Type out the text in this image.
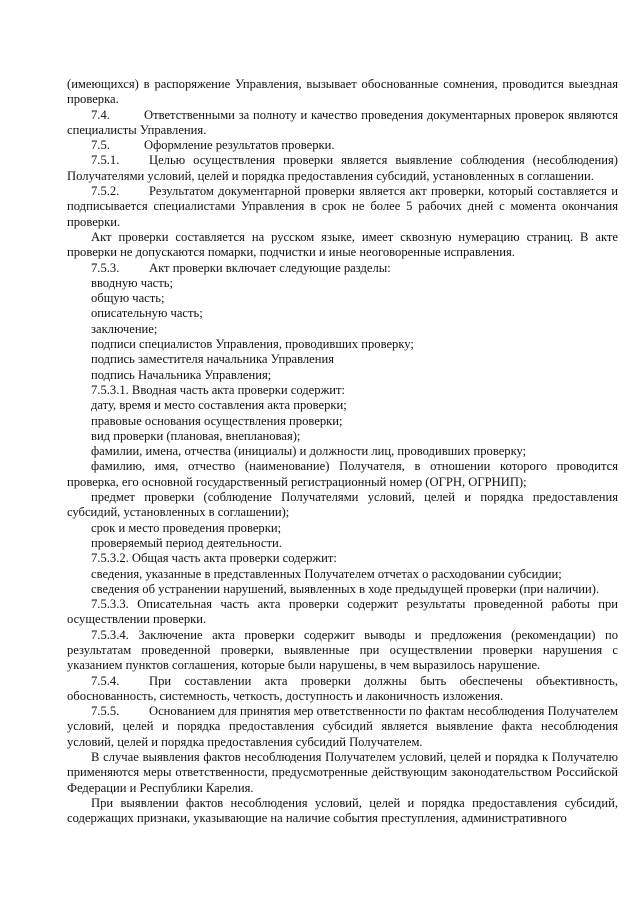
(имеющихся) в распоряжение Управления, вызывает обоснованные сомнения, проводится выездная проверка.

7.4.	Ответственными за полноту и качество проведения документарных проверок являются специалисты Управления.

7.5.	Оформление результатов проверки.

7.5.1. Целью осуществления проверки является выявление соблюдения (несоблюдения) Получателями условий, целей и порядка предоставления субсидий, установленных в соглашении.

7.5.2. Результатом документарной проверки является акт проверки, который составляется и подписывается специалистами Управления в срок не более 5 рабочих дней с момента окончания проверки.

Акт проверки составляется на русском языке, имеет сквозную нумерацию страниц. В акте проверки не допускаются помарки, подчистки и иные неоговоренные исправления.

7.5.3. Акт проверки включает следующие разделы:

вводную часть;

общую часть;

описательную часть;

заключение;

подписи специалистов Управления, проводивших проверку;

подпись заместителя начальника Управления

подпись Начальника Управления;

7.5.3.1. Вводная часть акта проверки содержит:

дату, время и место составления акта проверки;

правовые основания осуществления проверки;

вид проверки (плановая, внеплановая);

фамилии, имена, отчества (инициалы) и должности лиц, проводивших проверку;

фамилию, имя, отчество (наименование) Получателя, в отношении которого проводится проверка, его основной государственный регистрационный номер (ОГРН, ОГРНИП);

предмет проверки (соблюдение Получателями условий, целей и порядка предоставления субсидий, установленных в соглашении);

срок и место проведения проверки;

проверяемый период деятельности.

7.5.3.2. Общая часть акта проверки содержит:

сведения, указанные в представленных Получателем отчетах о расходовании субсидии;

сведения об устранении нарушений, выявленных в ходе предыдущей проверки (при наличии).

7.5.3.3. Описательная часть акта проверки содержит результаты проведенной работы при осуществлении проверки.

7.5.3.4. Заключение акта проверки содержит выводы и предложения (рекомендации) по результатам проведенной проверки, выявленные при осуществлении проверки нарушения с указанием пунктов соглашения, которые были нарушены, в чем выразилось нарушение.

7.5.4. При составлении акта проверки должны быть обеспечены объективность, обоснованность, системность, четкость, доступность и лаконичность изложения.

7.5.5. Основанием для принятия мер ответственности по фактам несоблюдения Получателем условий, целей и порядка предоставления субсидий является выявление факта несоблюдения условий, целей и порядка предоставления субсидий Получателем.

В случае выявления фактов несоблюдения Получателем условий, целей и порядка к Получателю применяются меры ответственности, предусмотренные действующим законодательством Российской Федерации и Республики Карелия.

При выявлении фактов несоблюдения условий, целей и порядка предоставления субсидий, содержащих признаки, указывающие на наличие события преступления, административного
